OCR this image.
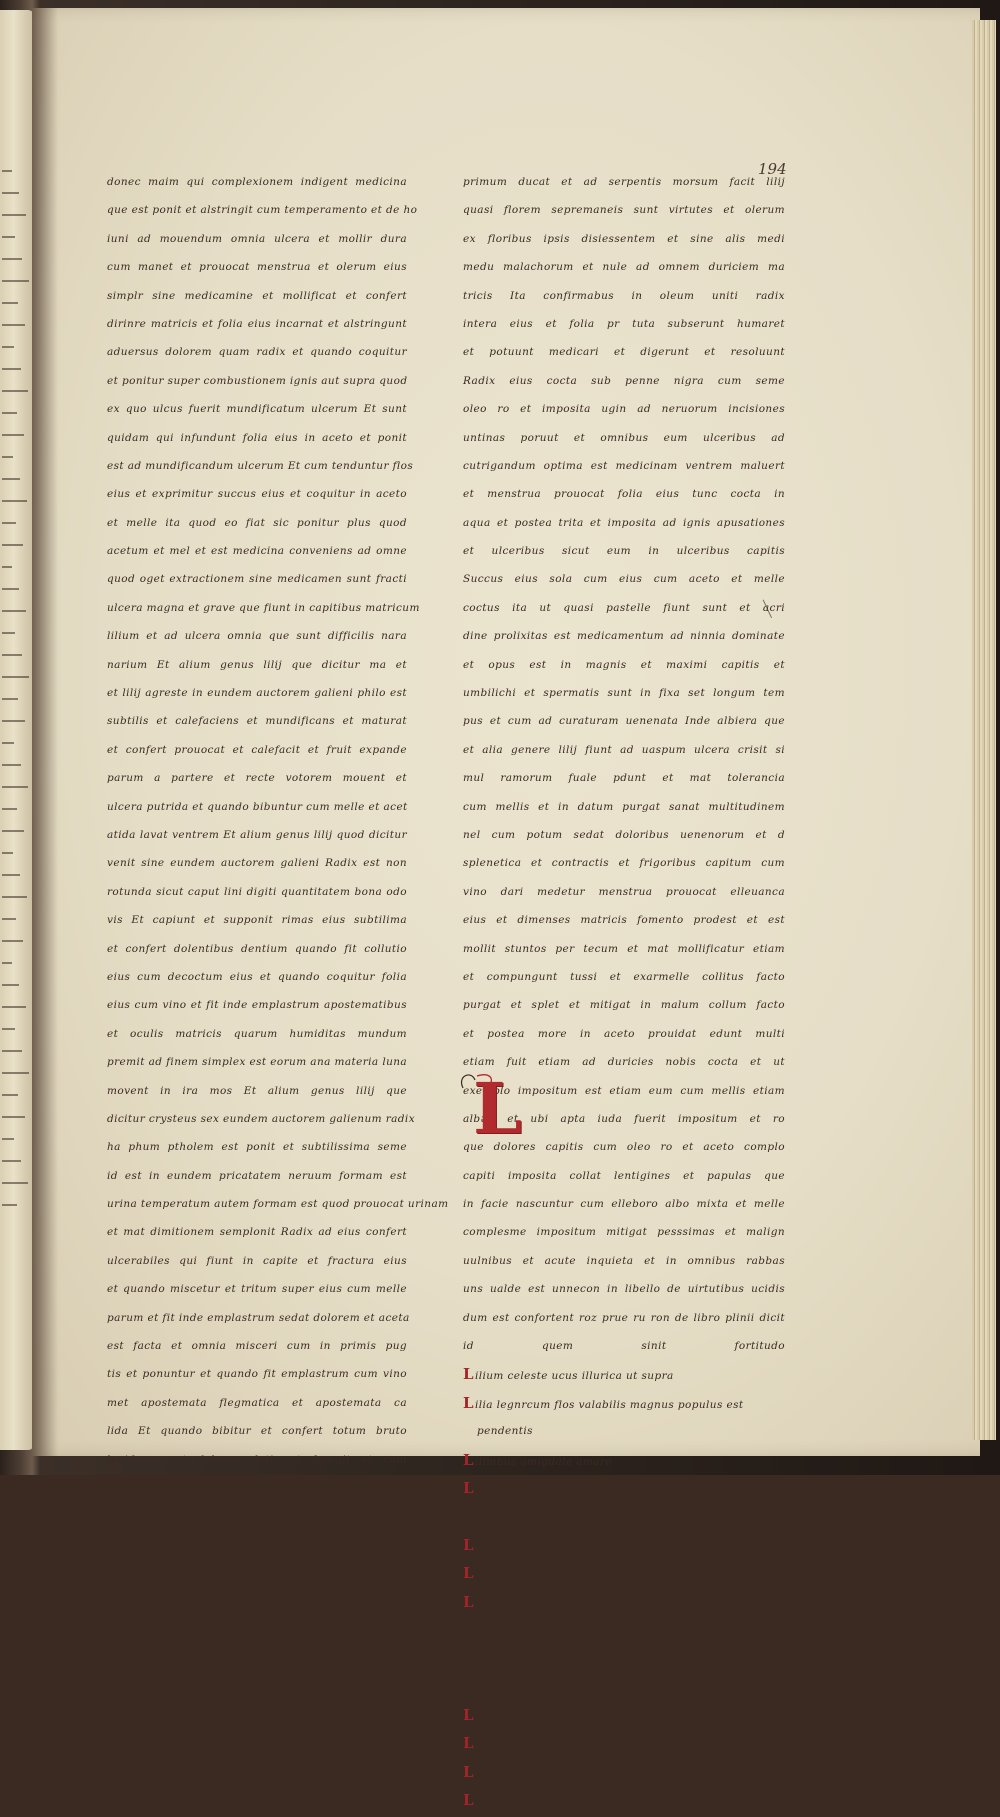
194
donec maim qui complexionem indigent medicina
que est ponit et alstringit cum temperamento et de ho
iuni ad mouendum omnia ulcera et mollir dura
cum manet et prouocat menstrua et olerum eius
simplr sine medicamine et mollificat et confert
dirinre matricis et folia eius incarnat et alstringunt
aduersus dolorem quam radix et quando coquitur
et ponitur super combustionem ignis aut supra quod
ex quo ulcus fuerit mundificatum ulcerum Et sunt
quidam qui infundunt folia eius in aceto et ponit
est ad mundificandum ulcerum Et cum tenduntur flos
eius et exprimitur succus eius et coquitur in aceto
et melle ita quod eo fiat sic ponitur plus quod
acetum et mel et est medicina conveniens ad omne
quod oget extractionem sine medicamen sunt fracti
ulcera magna et grave que fiunt in capitibus matricum
lilium et ad ulcera omnia que sunt difficilis nara
narium Et alium genus lilij que dicitur ma et
et lilij agreste in eundem auctorem galieni philo est
subtilis et calefaciens et mundificans et maturat
et confert prouocat et calefacit et fruit expande
parum a partere et recte votorem mouent et
ulcera putrida et quando bibuntur cum melle et acet
atida lavat ventrem Et alium genus lilij quod dicitur
venit sine eundem auctorem galieni Radix est non
rotunda sicut caput lini digiti quantitatem bona odo
vis Et capiunt et supponit rimas eius subtilima
et confert dolentibus dentium quando fit collutio
eius cum decoctum eius et quando coquitur folia
eius cum vino et fit inde emplastrum apostematibus
et oculis matricis quarum humiditas mundum
premit ad finem simplex est eorum ana materia luna
movent in ira mos Et alium genus lilij que
dicitur crysteus sex eundem auctorem galienum radix
ha phum ptholem est ponit et subtilissima seme
id est in eundem pricatatem neruum formam est
urina temperatum autem formam est quod prouocat urinam
et mat dimitionem semplonit Radix ad eius confert
ulcerabiles qui fiunt in capite et fractura eius
et quando miscetur et tritum super eius cum melle
parum et fit inde emplastrum sedat dolorem et aceta
est facta et omnia misceri cum in primis pug
tis et ponuntur et quando fit emplastrum cum vino
met apostemata flegmatica et apostemata ca
lida Et quando bibitur et confert totum bruto
lucidorum et dolorem latis et frangit et cum
ne Et quando bibunt Et femur diluitur pondus
cum molofach prouocat ventrem prouocatione
et quando bibitur cum aceto simplex apostemata
sinplene duo flores lilij deinatur possunt emolliu
duram necessarium Et folia eius cocta et in
posita ad combustiones prosunt cura et necatus
serpentium minuunt et succus eius melli admixtus
cum et decoctus in matricibus ulcera nerva
melle Radix non assidue coqui cum oleo toto
ignis combustionibus sponit et mollit etiam
matrem et addiat menstrualem pinguedinem et
fomenti cum eius dum menstrua prouocat et
primum ducat et ad serpentis morsum facit lilij
quasi florem sepremaneis sunt virtutes et olerum
ex floribus ipsis disiessentem et sine alis medi
medu malachorum et nule ad omnem duriciem ma
tricis Ita confirmabus in oleum uniti radix
intera eius et folia pr tuta subserunt humaret
et potuunt medicari et digerunt et resoluunt
Radix eius cocta sub penne nigra cum seme
oleo ro et imposita ugin ad neruorum incisiones
untinas poruut et omnibus eum ulceribus ad
cutrigandum optima est medicinam ventrem maluert
et menstrua prouocat folia eius tunc cocta in
aqua et postea trita et imposita ad ignis apusationes
et ulceribus sicut eum in ulceribus capitis
Succus eius sola cum eius cum aceto et melle
coctus ita ut quasi pastelle fiunt sunt et acri
dine prolixitas est medicamentum ad ninnia dominate
et opus est in magnis et maximi capitis et
umbilichi et spermatis sunt in fixa set longum tem
pus et cum ad curaturam uenenata Inde albiera que
et alia genere lilij fiunt ad uaspum ulcera crisit si
mul ramorum fuale pdunt et mat tolerancia
cum mellis et in datum purgat sanat multitudinem
nel cum potum sedat doloribus uenenorum et d
splenetica et contractis et frigoribus capitum cum
vino dari medetur menstrua prouocat elleuanca
eius et dimenses matricis fomento prodest et est
mollit stuntos per tecum et mat mollificatur etiam
et compungunt tussi et exarmelle collitus facto
purgat et splet et mitigat in malum collum facto
et postea more in aceto prouidat edunt multi
etiam fuit etiam ad duricies nobis cocta et ut
exemplo impositum est etiam eum cum mellis etiam
albuii et ubi apta iuda fuerit impositum et ro
que dolores capitis cum oleo ro et aceto complo
capiti imposita collat lentigines et papulas que
in facie nascuntur cum elleboro albo mixta et melle
complesme impositum mitigat pesssimas et malign
uulnibus et acute inquieta et in omnibus rabbas
uns ualde est unnecon in libello de uirtutibus ucidis
dum est confortent roz prue ru ron de libro plinii dicit
id quem sinit fortitudo
Lilium celeste ucus illurica ut supra
Lilia legnrcum flos valabilis magnus populus est
pendentis
Lilimbus amigdale amare
Lilinges sperma herbe que malua dicitur ut et est
pedenicis
Lilinguicia ut pastinaca
Lilisfiquis
Lilisfrigus ut palma
imaca spica est lege halimi
imantema ut rima marina
imassagui ut unguentum
Limpha ut aqua
Limphatiscens ut sedefiamentum
Linceum sive plinius herba est que pigre uocatur
Lincesa ut usnee
L
